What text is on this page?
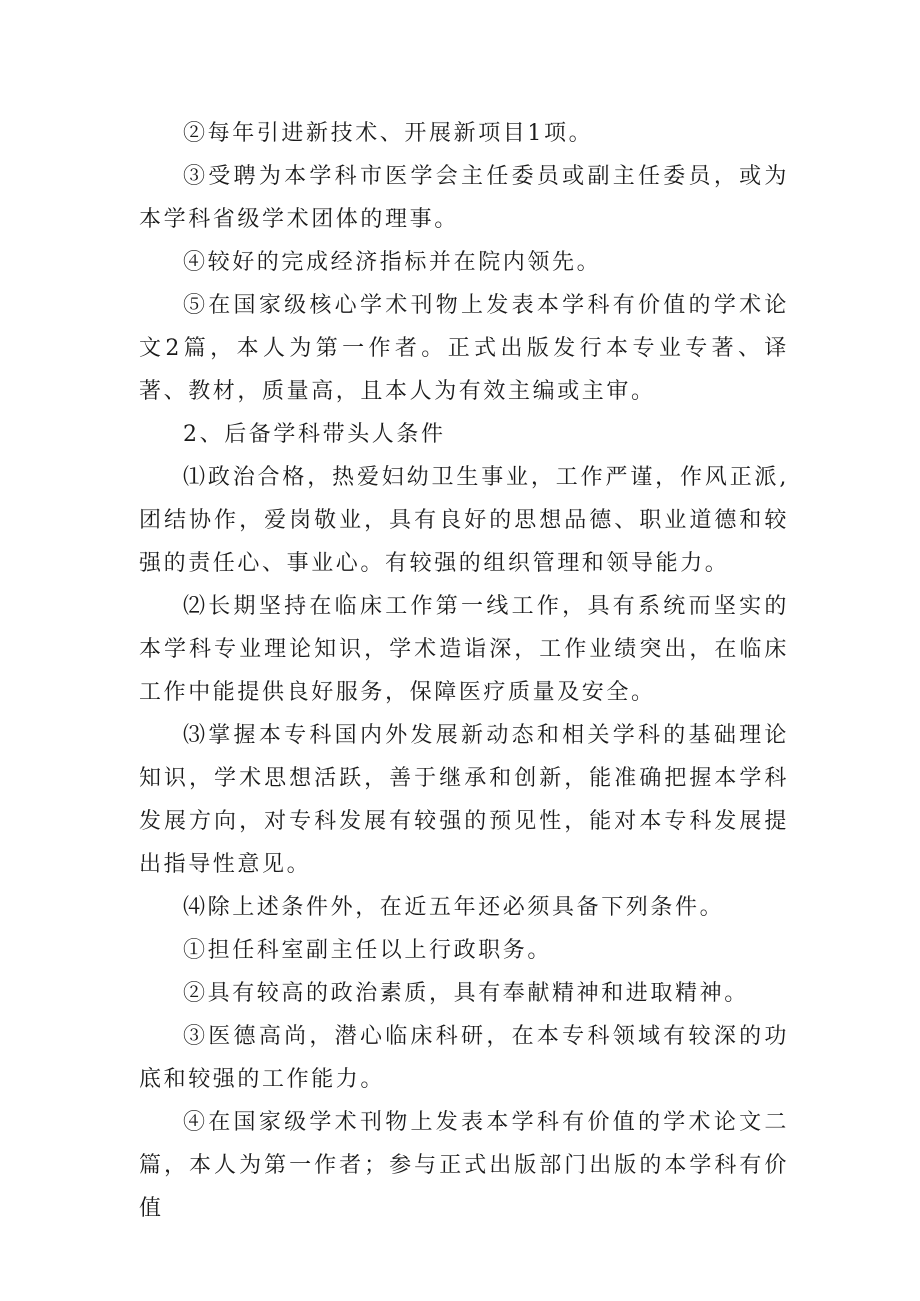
②每年引进新技术、开展新项目1项。

③受聘为本学科市医学会主任委员或副主任委员，或为本学科省级学术团体的理事。

④较好的完成经济指标并在院内领先。

⑤在国家级核心学术刊物上发表本学科有价值的学术论文2篇，本人为第一作者。正式出版发行本专业专著、译著、教材，质量高，且本人为有效主编或主审。

2、后备学科带头人条件

⑴政治合格，热爱妇幼卫生事业，工作严谨，作风正派,团结协作，爱岗敬业，具有良好的思想品德、职业道德和较强的责任心、事业心。有较强的组织管理和领导能力。

⑵长期坚持在临床工作第一线工作，具有系统而坚实的本学科专业理论知识，学术造诣深，工作业绩突出，在临床工作中能提供良好服务，保障医疗质量及安全。

⑶掌握本专科国内外发展新动态和相关学科的基础理论知识，学术思想活跃，善于继承和创新，能准确把握本学科发展方向，对专科发展有较强的预见性，能对本专科发展提出指导性意见。

⑷除上述条件外，在近五年还必须具备下列条件。

①担任科室副主任以上行政职务。

②具有较高的政治素质，具有奉献精神和进取精神。

③医德高尚，潜心临床科研，在本专科领域有较深的功底和较强的工作能力。

④在国家级学术刊物上发表本学科有价值的学术论文二篇，本人为第一作者；参与正式出版部门出版的本学科有价值
